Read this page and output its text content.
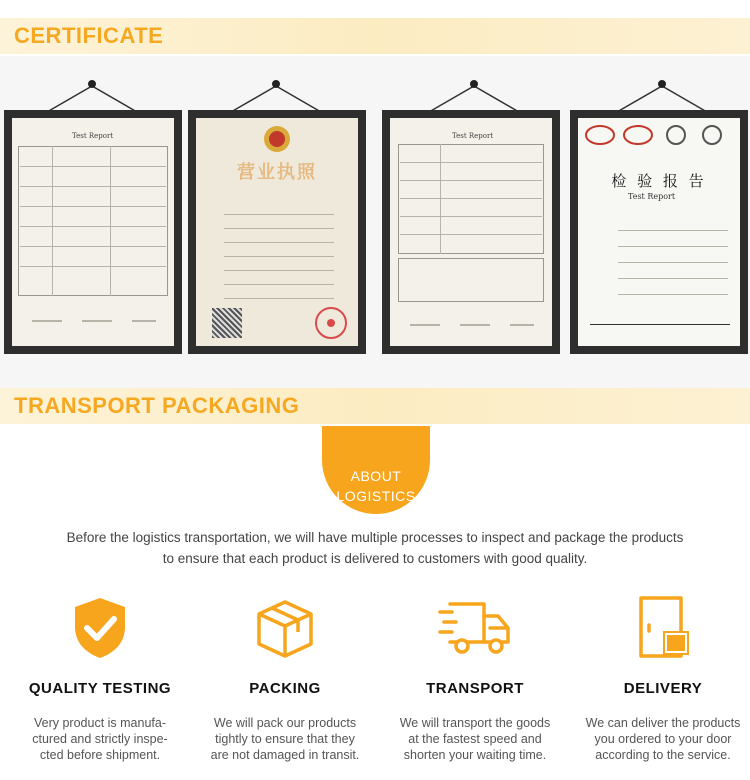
CERTIFICATE
Test Report
营业执照
Test Report
检 验 报 告
Test Report
TRANSPORT PACKAGING
ABOUT
LOGISTICS
Before the logistics transportation, we will have multiple processes to inspect and package the products
to ensure that each product is delivered to customers with good quality.
QUALITY TESTING
Very product is manufa-
ctured and strictly inspe-
cted before shipment.
PACKING
We will pack our products
tightly to ensure that they
are not damaged in transit.
TRANSPORT
We will transport the goods
at the fastest speed and
shorten your waiting time.
DELIVERY
We can deliver the products
you ordered to your door
according to the service.
